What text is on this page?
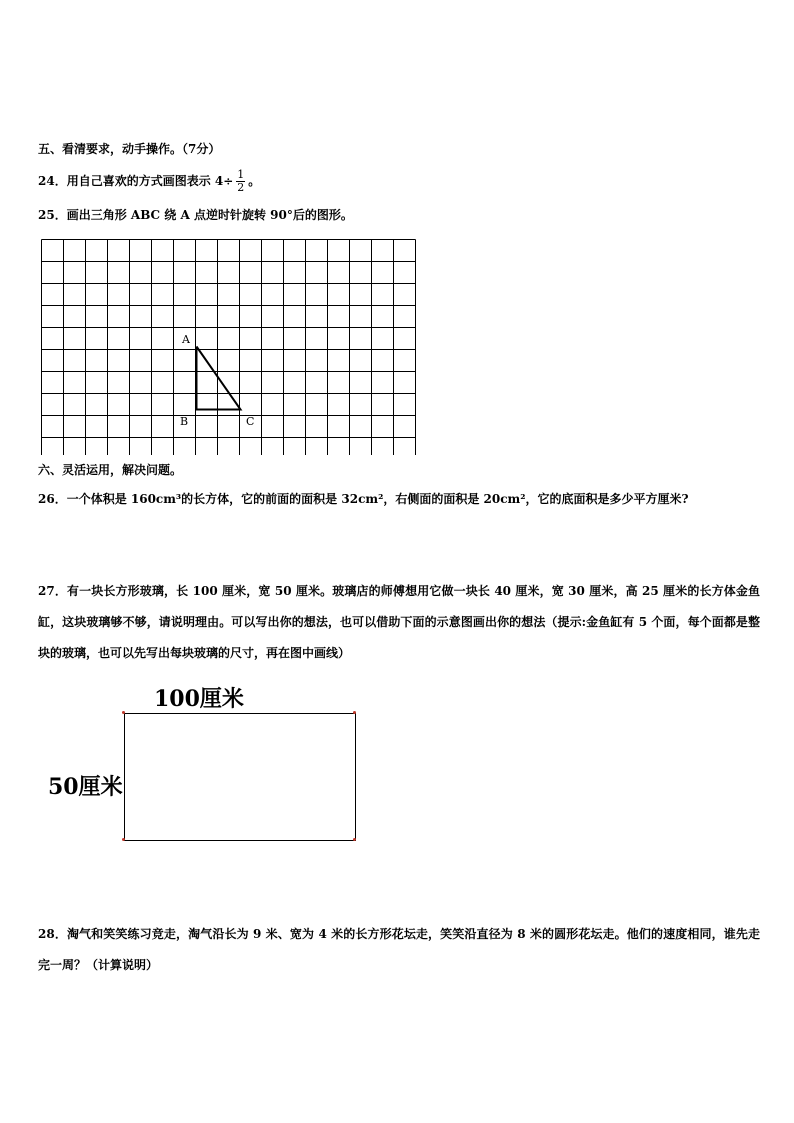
五、看清要求，动手操作。（7分）
24．用自己喜欢的方式画图表示 $4\div \frac{1}{2}$ 。
25．画出三角形 ABC 绕 A 点逆时针旋转 90°后的图形。
A
B	C
六、灵活运用，解决问题。
26．一个体积是 160cm³的长方体，它的前面的面积是 32cm²，右侧面的面积是 20cm²，它的底面积是多少平方厘米?
27．有一块长方形玻璃，长 100 厘米，宽 50 厘米。玻璃店的师傅想用它做一块长 40 厘米，宽 30 厘米，高 25 厘米的长方体金鱼缸，这块玻璃够不够，请说明理由。可以写出你的想法，也可以借助下面的示意图画出你的想法（提示:金鱼缸有 5 个面，每个面都是整块的玻璃，也可以先写出每块玻璃的尺寸，再在图中画线）
100厘米
50厘米
28．淘气和笑笑练习竞走，淘气沿长为 9 米、宽为 4 米的长方形花坛走，笑笑沿直径为 8 米的圆形花坛走。他们的速度相同，谁先走完一周？（计算说明）
